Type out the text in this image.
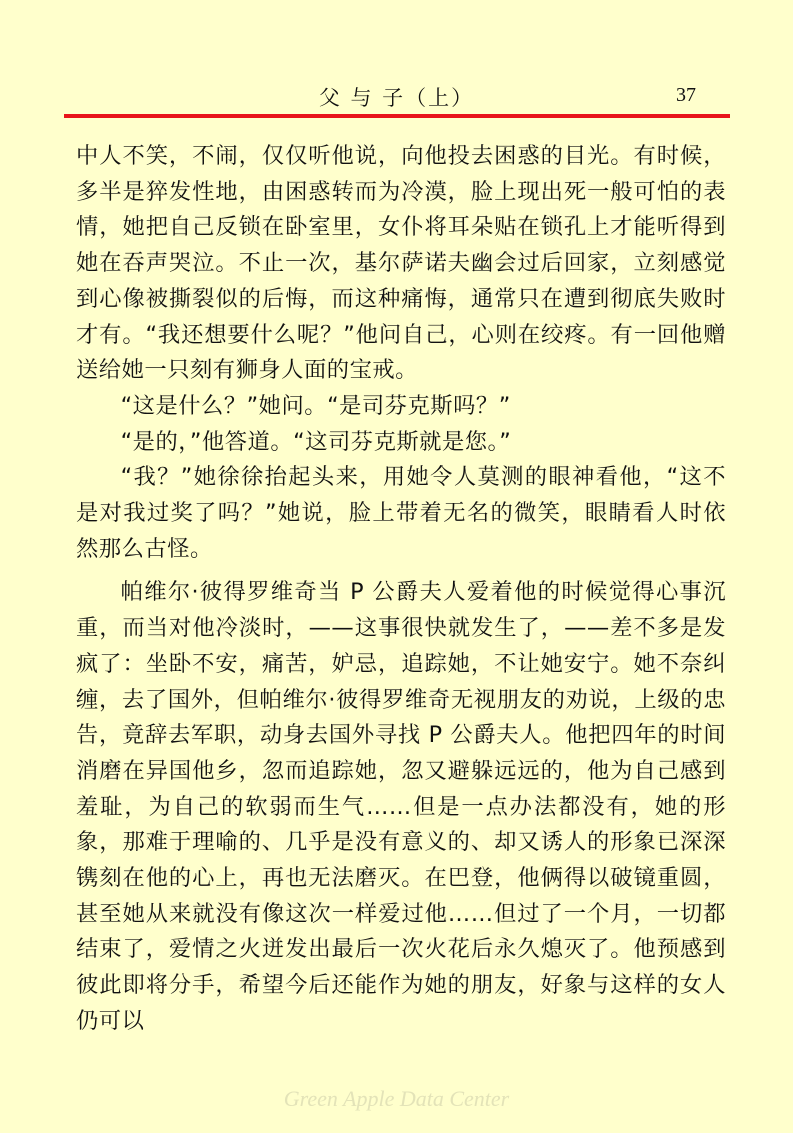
父 与 子（上）	37

中人不笑，不闹，仅仅听他说，向他投去困惑的目光。有时候，多半是猝发性地，由困惑转而为冷漠，脸上现出死一般可怕的表情，她把自己反锁在卧室里，女仆将耳朵贴在锁孔上才能听得到她在吞声哭泣。不止一次，基尔萨诺夫幽会过后回家，立刻感觉到心像被撕裂似的后悔，而这种痛悔，通常只在遭到彻底失败时才有。“我还想要什么呢？”他问自己，心则在绞疼。有一回他赠送给她一只刻有狮身人面的宝戒。

“这是什么？”她问。“是司芬克斯吗？”

“是的，”他答道。“这司芬克斯就是您。”

“我？”她徐徐抬起头来，用她令人莫测的眼神看他，“这不是对我过奖了吗？”她说，脸上带着无名的微笑，眼睛看人时依然那么古怪。

帕维尔·彼得罗维奇当 P 公爵夫人爱着他的时候觉得心事沉重，而当对他冷淡时，——这事很快就发生了，——差不多是发疯了：坐卧不安，痛苦，妒忌，追踪她，不让她安宁。她不奈纠缠，去了国外，但帕维尔·彼得罗维奇无视朋友的劝说，上级的忠告，竟辞去军职，动身去国外寻找 P 公爵夫人。他把四年的时间消磨在异国他乡，忽而追踪她，忽又避躲远远的，他为自己感到羞耻，为自己的软弱而生气……但是一点办法都没有，她的形象，那难于理喻的、几乎是没有意义的、却又诱人的形象已深深镌刻在他的心上，再也无法磨灭。在巴登，他俩得以破镜重圆，甚至她从来就没有像这次一样爱过他……但过了一个月，一切都结束了，爱情之火迸发出最后一次火花后永久熄灭了。他预感到彼此即将分手，希望今后还能作为她的朋友，好象与这样的女人仍可以

Green Apple Data Center
